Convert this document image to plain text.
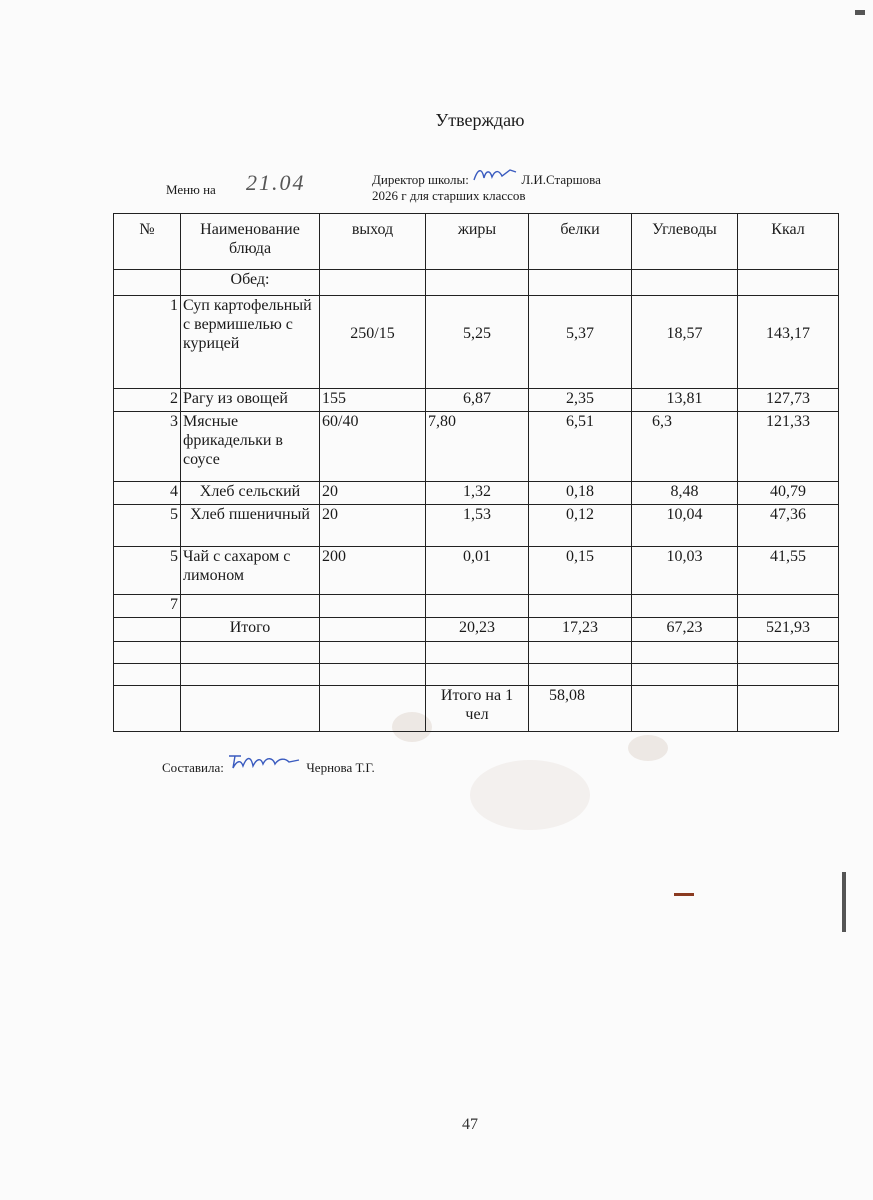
Утверждаю
Директор школы:	Л.И.Старшова
2026 г для старших классов
Меню на 21.04
№	Наименование блюда	выход	жиры	белки	Углеводы	Ккал
	Обед:					
1	Суп картофельный с вермишелью с курицей	250/15	5,25	5,37	18,57	143,17
2	Рагу из овощей	155	6,87	2,35	13,81	127,73
3	Мясные фрикадельки в соусе	60/40	7,80	6,51	6,3	121,33
4	Хлеб сельский	20	1,32	0,18	8,48	40,79
5	Хлеб пшеничный	20	1,53	0,12	10,04	47,36
5	Чай с сахаром с лимоном	200	0,01	0,15	10,03	41,55
7						
	Итого		20,23	17,23	67,23	521,93

			Итого на 1 чел	58,08		
Составила:	Чернова Т.Г.
47
